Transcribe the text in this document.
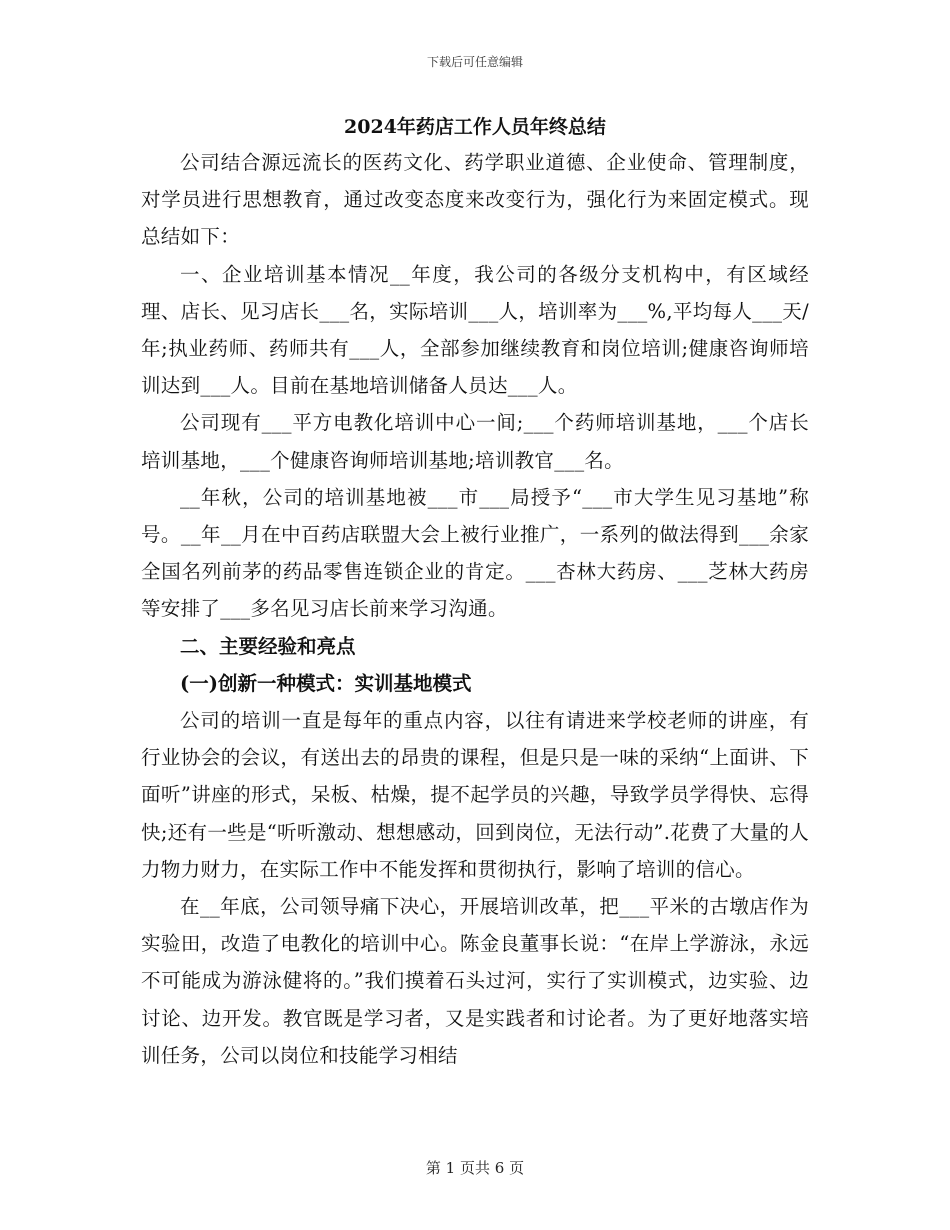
下载后可任意编辑
2024年药店工作人员年终总结

公司结合源远流长的医药文化、药学职业道德、企业使命、管理制度，对学员进行思想教育，通过改变态度来改变行为，强化行为来固定模式。现总结如下：

一、企业培训基本情况__年度，我公司的各级分支机构中，有区域经理、店长、见习店长___名，实际培训___人，培训率为___%,平均每人___天/年;执业药师、药师共有___人，全部参加继续教育和岗位培训;健康咨询师培训达到___人。目前在基地培训储备人员达___人。

公司现有___平方电教化培训中心一间;___个药师培训基地，___个店长培训基地，___个健康咨询师培训基地;培训教官___名。

__年秋，公司的培训基地被___市___局授予“___市大学生见习基地”称号。__年__月在中百药店联盟大会上被行业推广，一系列的做法得到___余家全国名列前茅的药品零售连锁企业的肯定。___杏林大药房、___芝林大药房等安排了___多名见习店长前来学习沟通。

二、主要经验和亮点

(一)创新一种模式：实训基地模式

公司的培训一直是每年的重点内容，以往有请进来学校老师的讲座，有行业协会的会议，有送出去的昂贵的课程，但是只是一味的采纳“上面讲、下面听”讲座的形式，呆板、枯燥，提不起学员的兴趣，导致学员学得快、忘得快;还有一些是“听听激动、想想感动，回到岗位，无法行动”.花费了大量的人力物力财力，在实际工作中不能发挥和贯彻执行，影响了培训的信心。

在__年底，公司领导痛下决心，开展培训改革，把___平米的古墩店作为实验田，改造了电教化的培训中心。陈金良董事长说：“在岸上学游泳，永远不可能成为游泳健将的。”我们摸着石头过河，实行了实训模式，边实验、边讨论、边开发。教官既是学习者，又是实践者和讨论者。为了更好地落实培训任务，公司以岗位和技能学习相结

第 1 页共 6 页
